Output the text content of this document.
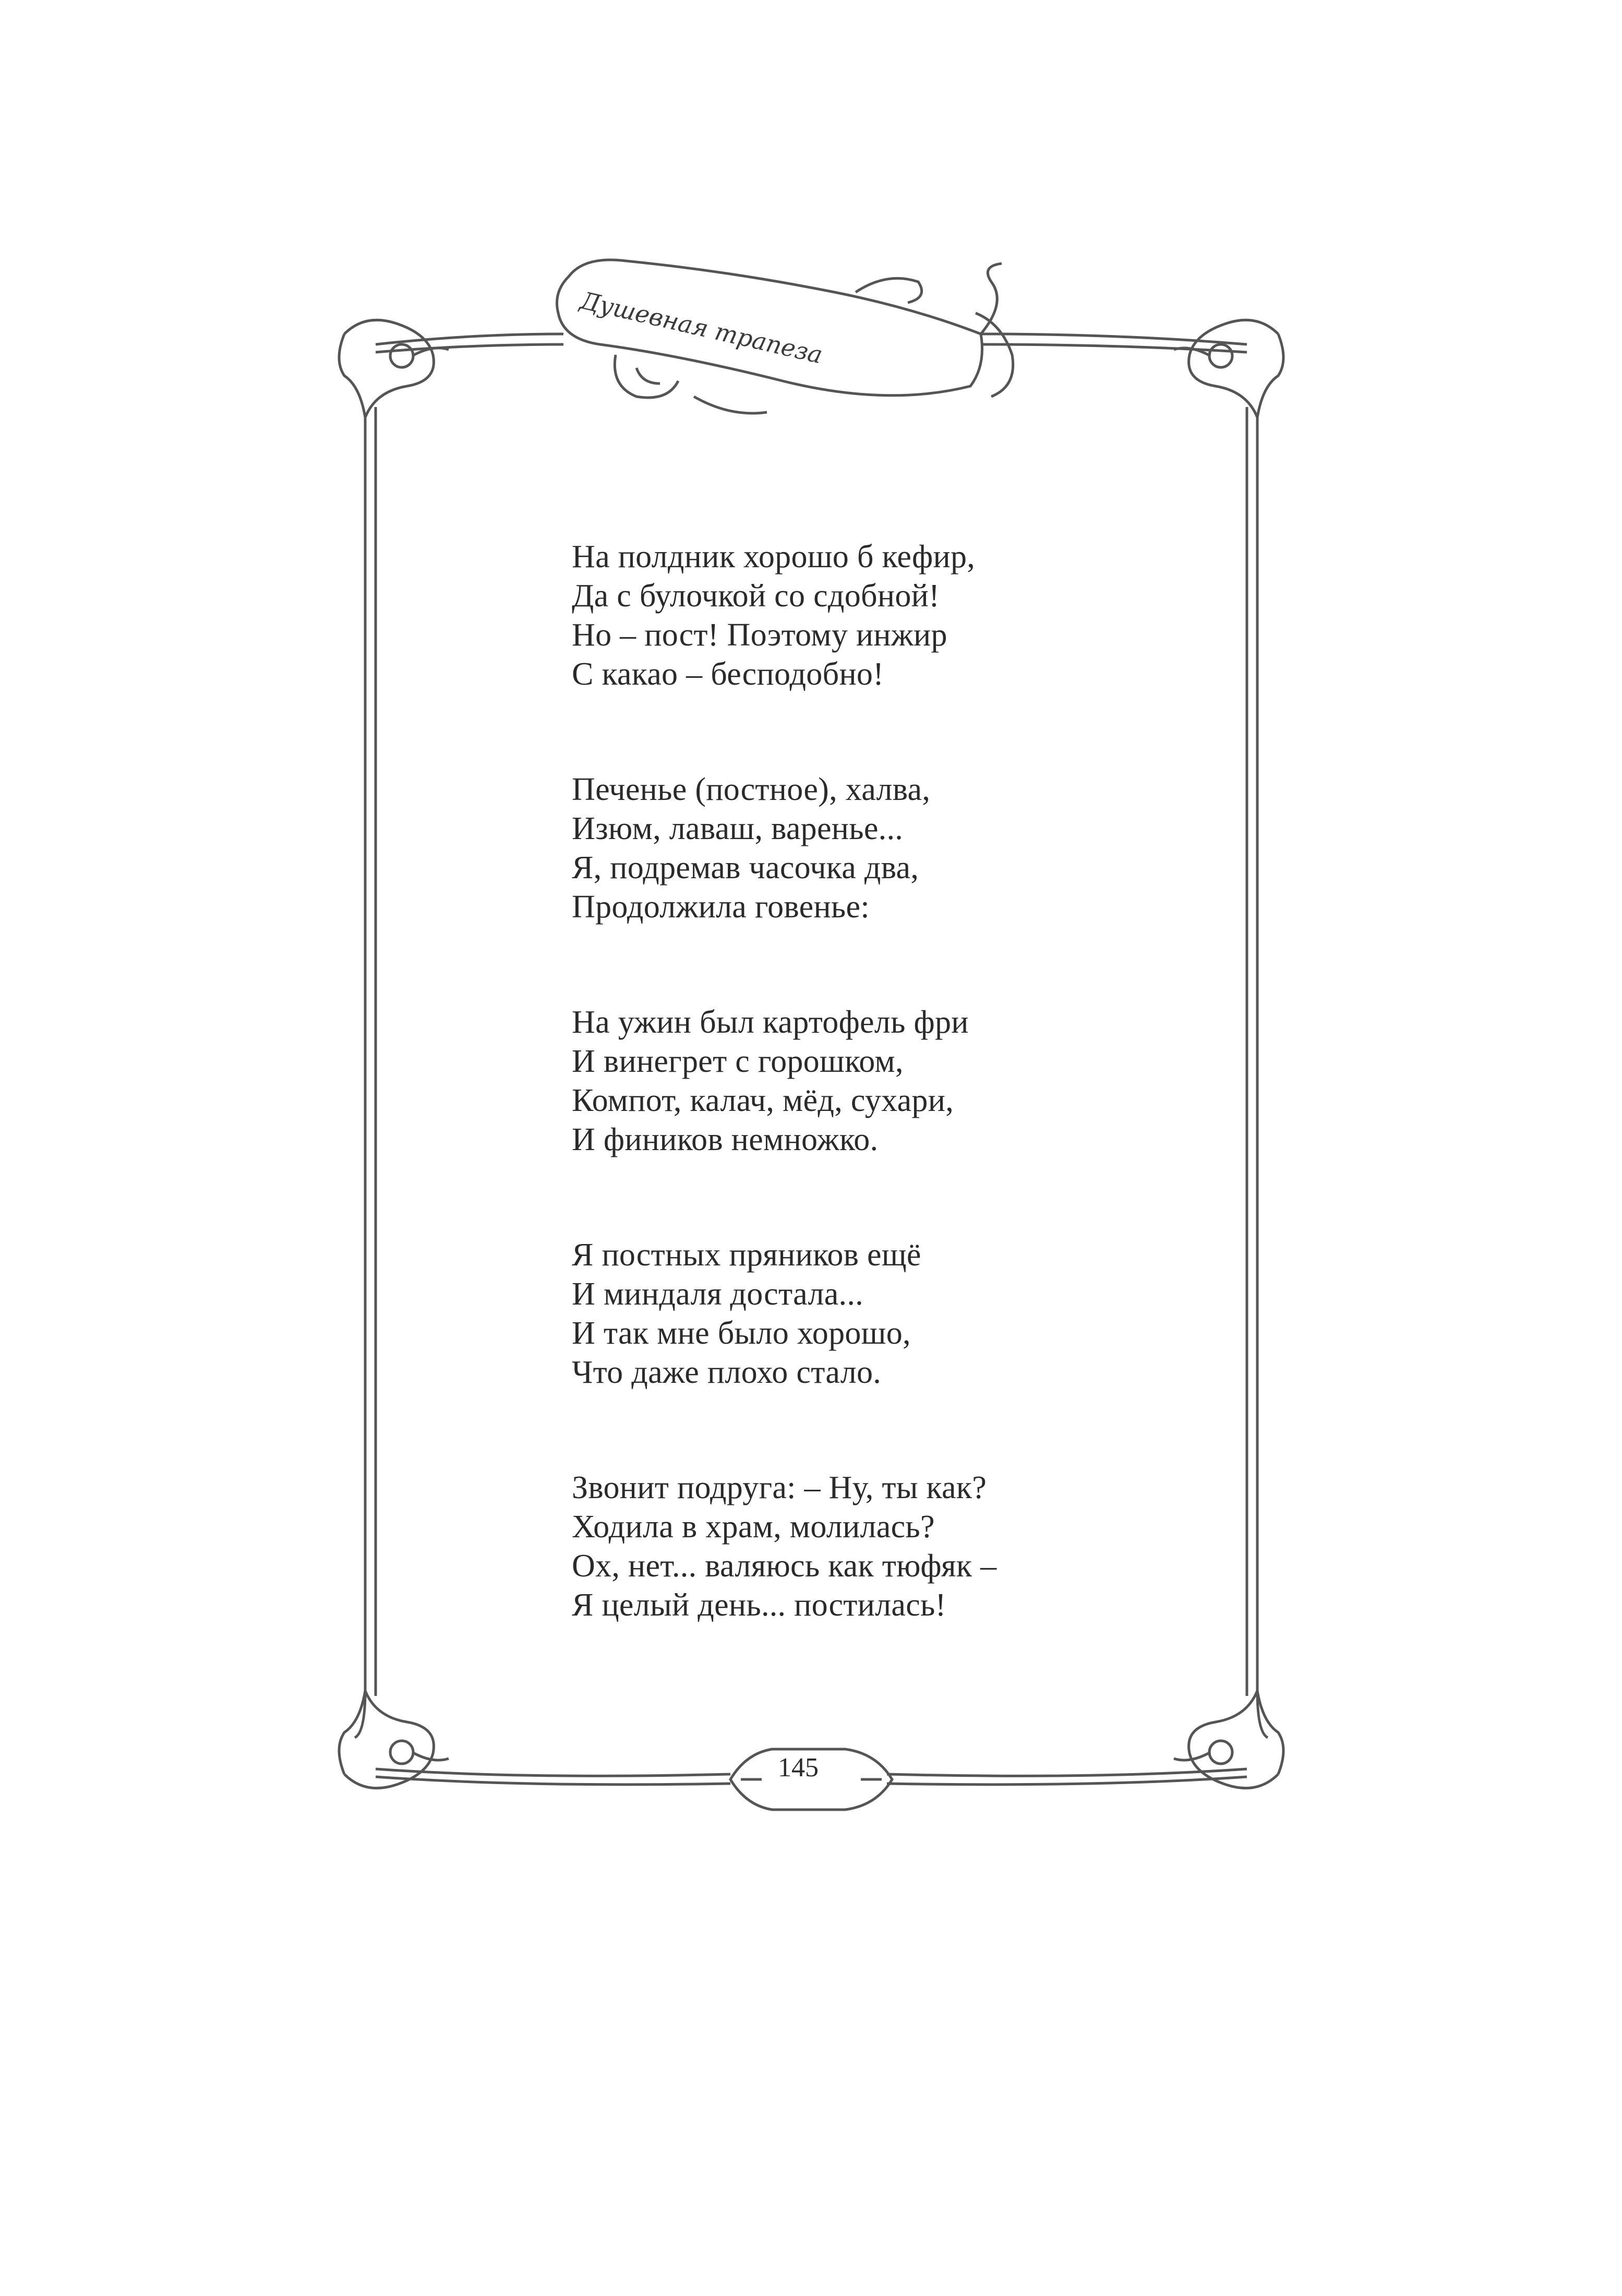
Душевная трапеза
На полдник хорошо б кефир,
Да с булочкой со сдобной!
Но – пост! Поэтому инжир
С какао – бесподобно!
Печенье (постное), халва,
Изюм, лаваш, варенье...
Я, подремав часочка два,
Продолжила говенье:
На ужин был картофель фри
И винегрет с горошком,
Компот, калач, мёд, сухари,
И фиников немножко.
Я постных пряников ещё
И миндаля достала...
И так мне было хорошо,
Что даже плохо стало.
Звонит подруга: – Ну, ты как?
Ходила в храм, молилась?
Ох, нет... валяюсь как тюфяк –
Я целый день... постилась!
145
